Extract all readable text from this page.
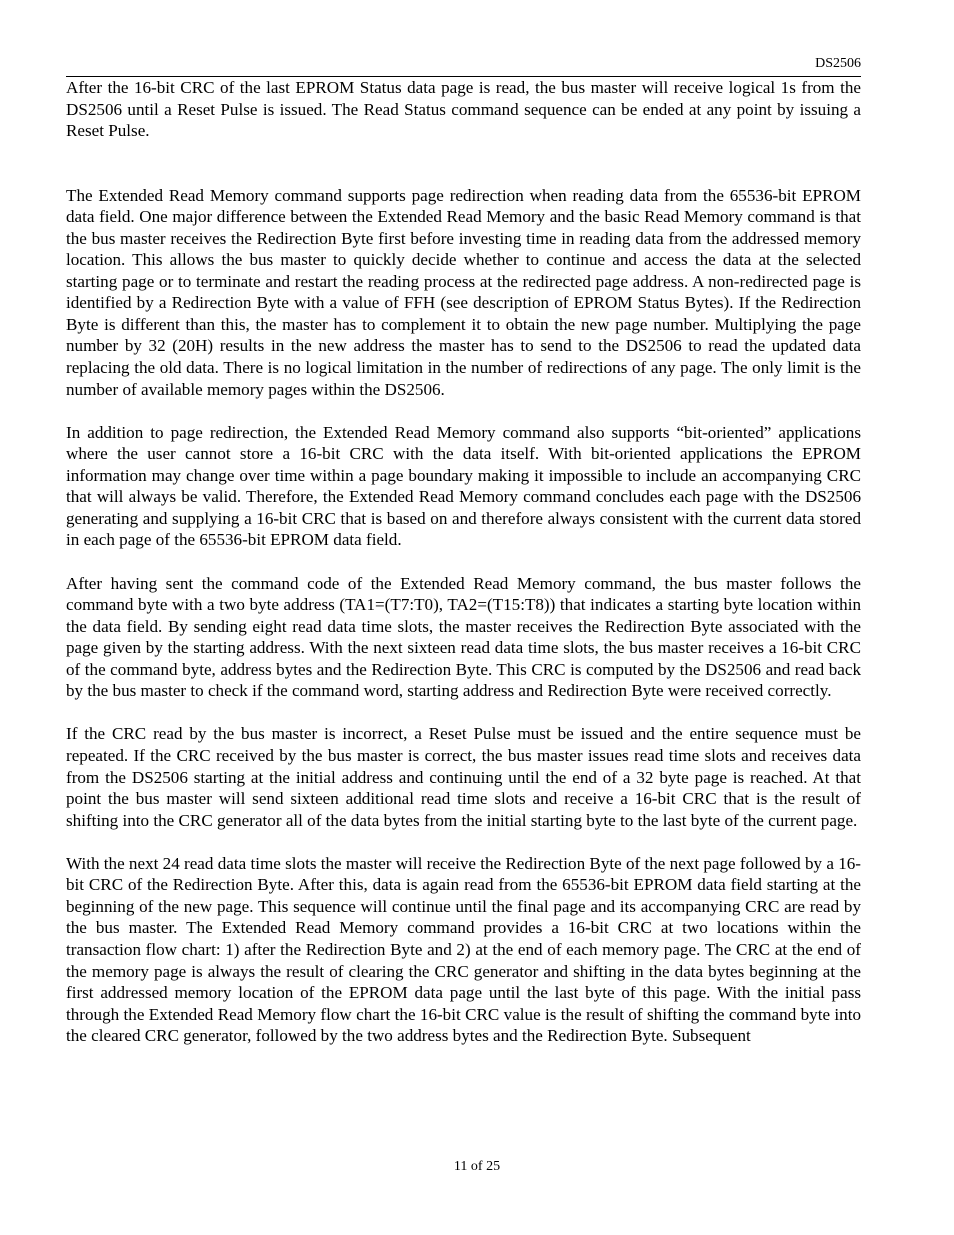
DS2506

After the 16-bit CRC of the last EPROM Status data page is read, the bus master will receive logical 1s from the DS2506 until a Reset Pulse is issued. The Read Status command sequence can be ended at any point by issuing a Reset Pulse.

The Extended Read Memory command supports page redirection when reading data from the 65536-bit EPROM data field. One major difference between the Extended Read Memory and the basic Read Memory command is that the bus master receives the Redirection Byte first before investing time in reading data from the addressed memory location. This allows the bus master to quickly decide whether to continue and access the data at the selected starting page or to terminate and restart the reading process at the redirected page address. A non-redirected page is identified by a Redirection Byte with a value of FFH (see description of EPROM Status Bytes). If the Redirection Byte is different than this, the master has to complement it to obtain the new page number. Multiplying the page number by 32 (20H) results in the new address the master has to send to the DS2506 to read the updated data replacing the old data. There is no logical limitation in the number of redirections of any page. The only limit is the number of available memory pages within the DS2506.

In addition to page redirection, the Extended Read Memory command also supports “bit-oriented” applications where the user cannot store a 16-bit CRC with the data itself. With bit-oriented applications the EPROM information may change over time within a page boundary making it impossible to include an accompanying CRC that will always be valid. Therefore, the Extended Read Memory command concludes each page with the DS2506 generating and supplying a 16-bit CRC that is based on and therefore always consistent with the current data stored in each page of the 65536-bit EPROM data field.

After having sent the command code of the Extended Read Memory command, the bus master follows the command byte with a two byte address (TA1=(T7:T0), TA2=(T15:T8)) that indicates a starting byte location within the data field. By sending eight read data time slots, the master receives the Redirection Byte associated with the page given by the starting address. With the next sixteen read data time slots, the bus master receives a 16-bit CRC of the command byte, address bytes and the Redirection Byte. This CRC is computed by the DS2506 and read back by the bus master to check if the command word, starting address and Redirection Byte were received correctly.

If the CRC read by the bus master is incorrect, a Reset Pulse must be issued and the entire sequence must be repeated. If the CRC received by the bus master is correct, the bus master issues read time slots and receives data from the DS2506 starting at the initial address and continuing until the end of a 32 byte page is reached. At that point the bus master will send sixteen additional read time slots and receive a 16-bit CRC that is the result of shifting into the CRC generator all of the data bytes from the initial starting byte to the last byte of the current page.

With the next 24 read data time slots the master will receive the Redirection Byte of the next page followed by a 16-bit CRC of the Redirection Byte. After this, data is again read from the 65536-bit EPROM data field starting at the beginning of the new page. This sequence will continue until the final page and its accompanying CRC are read by the bus master. The Extended Read Memory command provides a 16-bit CRC at two locations within the transaction flow chart: 1) after the Redirection Byte and 2) at the end of each memory page. The CRC at the end of the memory page is always the result of clearing the CRC generator and shifting in the data bytes beginning at the first addressed memory location of the EPROM data page until the last byte of this page. With the initial pass through the Extended Read Memory flow chart the 16-bit CRC value is the result of shifting the command byte into the cleared CRC generator, followed by the two address bytes and the Redirection Byte. Subsequent

11 of 25
